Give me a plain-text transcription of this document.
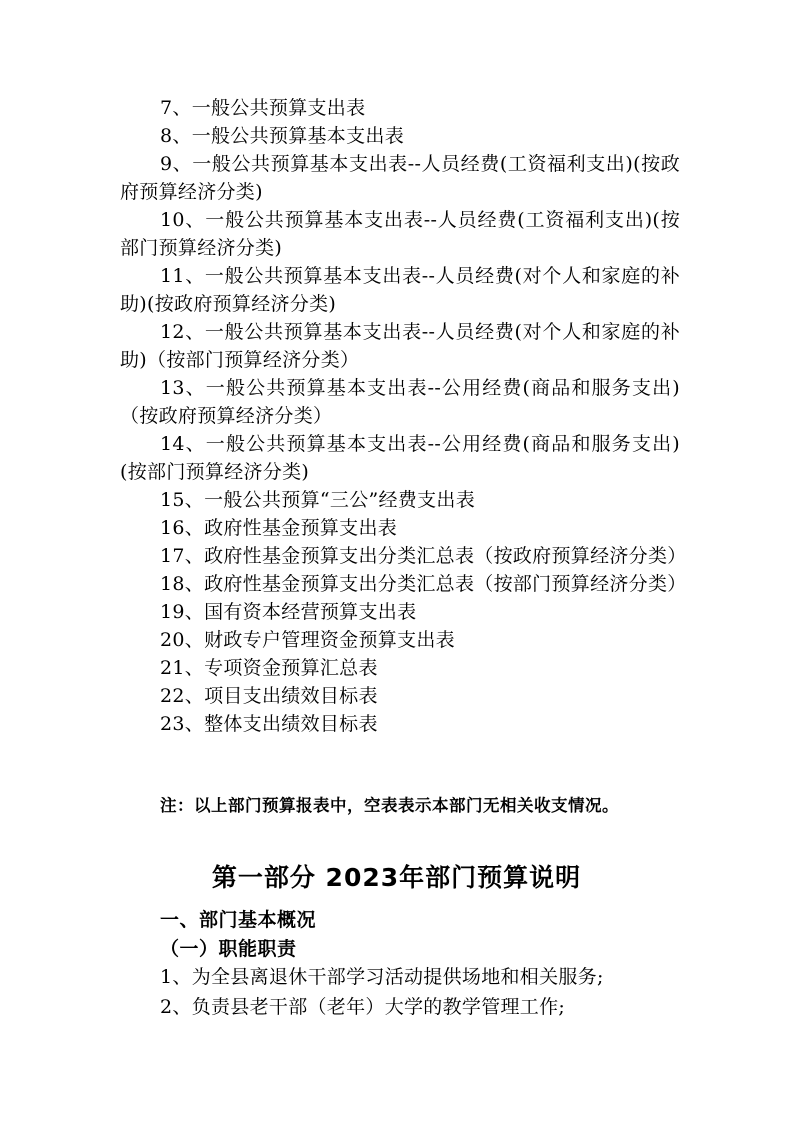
7、一般公共预算支出表

8、一般公共预算基本支出表

9、一般公共预算基本支出表--人员经费(工资福利支出)(按政府预算经济分类)

10、一般公共预算基本支出表--人员经费(工资福利支出)(按部门预算经济分类)

11、一般公共预算基本支出表--人员经费(对个人和家庭的补助)(按政府预算经济分类)

12、一般公共预算基本支出表--人员经费(对个人和家庭的补助)（按部门预算经济分类）

13、一般公共预算基本支出表--公用经费(商品和服务支出)（按政府预算经济分类）

14、一般公共预算基本支出表--公用经费(商品和服务支出)(按部门预算经济分类)

15、一般公共预算“三公”经费支出表

16、政府性基金预算支出表

17、政府性基金预算支出分类汇总表（按政府预算经济分类）

18、政府性基金预算支出分类汇总表（按部门预算经济分类）

19、国有资本经营预算支出表

20、财政专户管理资金预算支出表

21、专项资金预算汇总表

22、项目支出绩效目标表

23、整体支出绩效目标表

注：以上部门预算报表中，空表表示本部门无相关收支情况。
第一部分 2023年部门预算说明
一、部门基本概况
（一）职能职责

1、为全县离退休干部学习活动提供场地和相关服务;

2、负责县老干部（老年）大学的教学管理工作;
